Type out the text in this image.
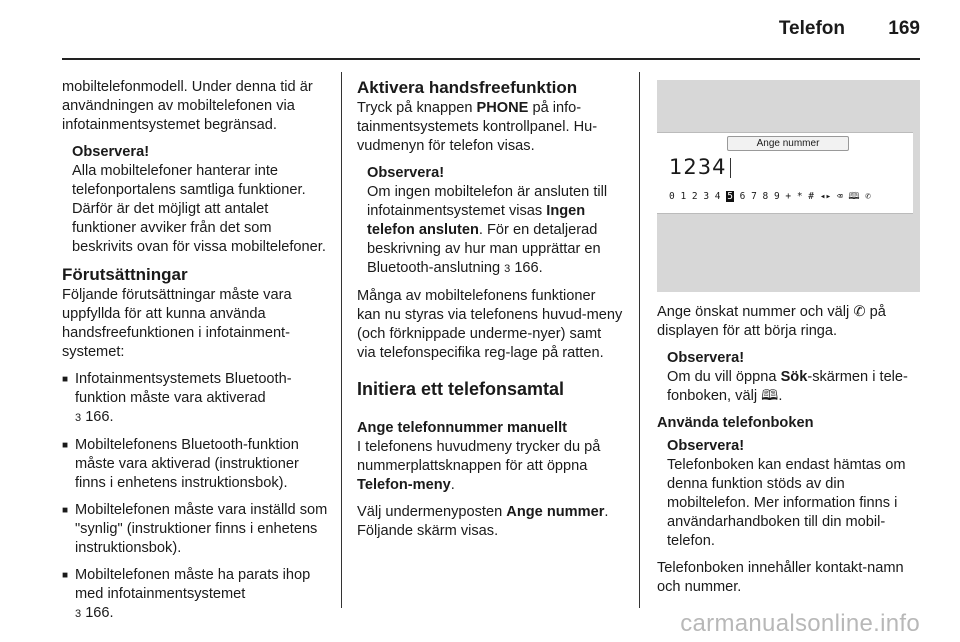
Telefon 169

mobiltelefonmodell. Under denna tid är användningen av mobiltelefonen via infotainmentsystemet begränsad.

Observera!
Alla mobiltelefoner hanterar inte telefonportalens samtliga funktioner. Därför är det möjligt att antalet funktioner avviker från det som beskrivits ovan för vissa mobiltelefoner.
Förutsättningar

Följande förutsättningar måste vara uppfyllda för att kunna använda handsfreefunktionen i infotainment-systemet:

■ Infotainmentsystemets Bluetooth-funktion måste vara aktiverad
3 166.
■ Mobiltelefonens Bluetooth-funktion måste vara aktiverad (instruktioner finns i enhetens instruktionsbok).
■ Mobiltelefonen måste vara inställd som "synlig" (instruktioner finns i enhetens instruktionsbok).
■ Mobiltelefonen måste ha parats ihop med infotainmentsystemet
3 166.
Aktivera handsfreefunktion

Tryck på knappen PHONE på info-tainmentsystemets kontrollpanel. Hu-vudmenyn för telefon visas.

Observera!
Om ingen mobiltelefon är ansluten till infotainmentsystemet visas Ingen telefon ansluten. För en detaljerad beskrivning av hur man upprättar en Bluetooth-anslutning 3 166.

Många av mobiltelefonens funktioner kan nu styras via telefonens huvud-meny (och förknippade underme-nyer) samt via telefonspecifika reg-lage på ratten.

Initiera ett telefonsamtal
Ange telefonnummer manuellt

I telefonens huvudmeny trycker du på nummerplattsknappen för att öppna Telefon-meny.

Välj undermenyposten Ange nummer. Följande skärm visas.

Ange nummer
1234
0 1 2 3 4 5 6 7 8 9 + * # ◂▸ ⌫ 🕮 ✆

Ange önskat nummer och välj ✆ på displayen för att börja ringa.

Observera!
Om du vill öppna Sök-skärmen i tele-fonboken, välj 🕮.
Använda telefonboken
Observera!
Telefonboken kan endast hämtas om denna funktion stöds av din mobiltelefon. Mer information finns i användarhandboken till din mobil-telefon.

Telefonboken innehåller kontakt-namn och nummer.

carmanualsonline.info
